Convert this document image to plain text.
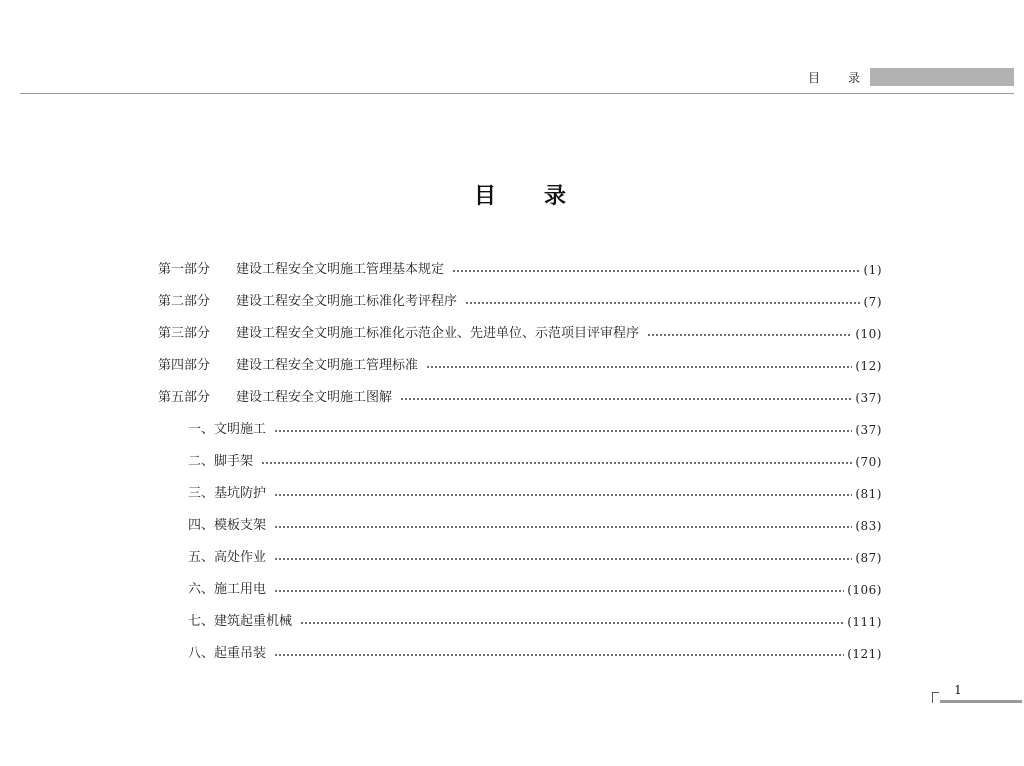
目 录
目 录
第一部分	建设工程安全文明施工管理基本规定	(1)
第二部分	建设工程安全文明施工标准化考评程序	(7)
第三部分	建设工程安全文明施工标准化示范企业、先进单位、示范项目评审程序	(10)
第四部分	建设工程安全文明施工管理标准	(12)
第五部分	建设工程安全文明施工图解	(37)
一、文明施工	(37)
二、脚手架	(70)
三、基坑防护	(81)
四、模板支架	(83)
五、高处作业	(87)
六、施工用电	(106)
七、建筑起重机械	(111)
八、起重吊装	(121)
1
